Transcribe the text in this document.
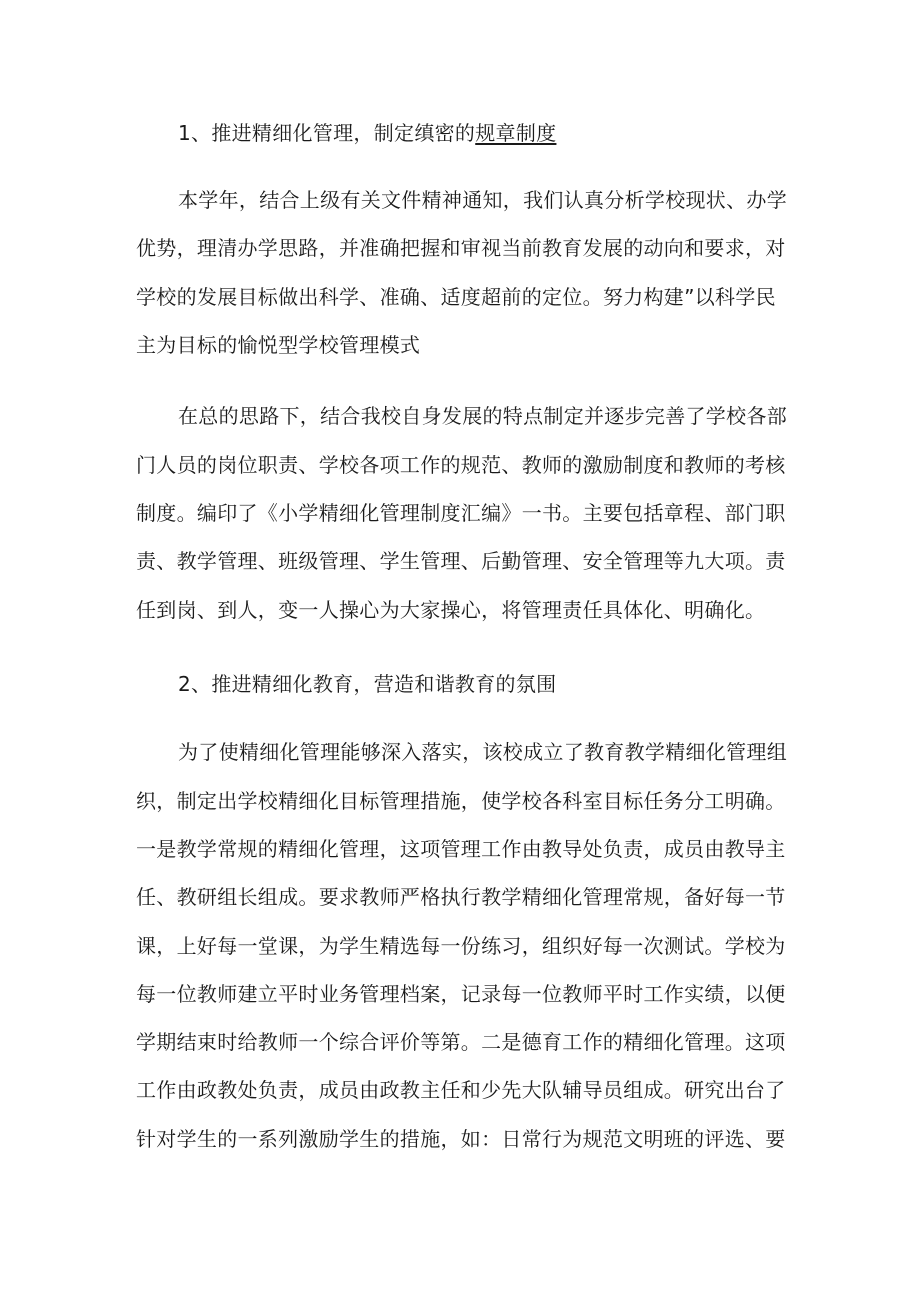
1、推进精细化管理，制定缜密的规章制度
本学年，结合上级有关文件精神通知，我们认真分析学校现状、办学
优势，理清办学思路，并准确把握和审视当前教育发展的动向和要求，对
学校的发展目标做出科学、准确、适度超前的定位。努力构建”以科学民
主为目标的愉悦型学校管理模式
在总的思路下，结合我校自身发展的特点制定并逐步完善了学校各部
门人员的岗位职责、学校各项工作的规范、教师的激励制度和教师的考核
制度。编印了《小学精细化管理制度汇编》一书。主要包括章程、部门职
责、教学管理、班级管理、学生管理、后勤管理、安全管理等九大项。责
任到岗、到人，变一人操心为大家操心，将管理责任具体化、明确化。
2、推进精细化教育，营造和谐教育的氛围
为了使精细化管理能够深入落实，该校成立了教育教学精细化管理组
织，制定出学校精细化目标管理措施，使学校各科室目标任务分工明确。
一是教学常规的精细化管理，这项管理工作由教导处负责，成员由教导主
任、教研组长组成。要求教师严格执行教学精细化管理常规，备好每一节
课，上好每一堂课，为学生精选每一份练习，组织好每一次测试。学校为
每一位教师建立平时业务管理档案，记录每一位教师平时工作实绩，以便
学期结束时给教师一个综合评价等第。二是德育工作的精细化管理。这项
工作由政教处负责，成员由政教主任和少先大队辅导员组成。研究出台了
针对学生的一系列激励学生的措施，如：日常行为规范文明班的评选、要
